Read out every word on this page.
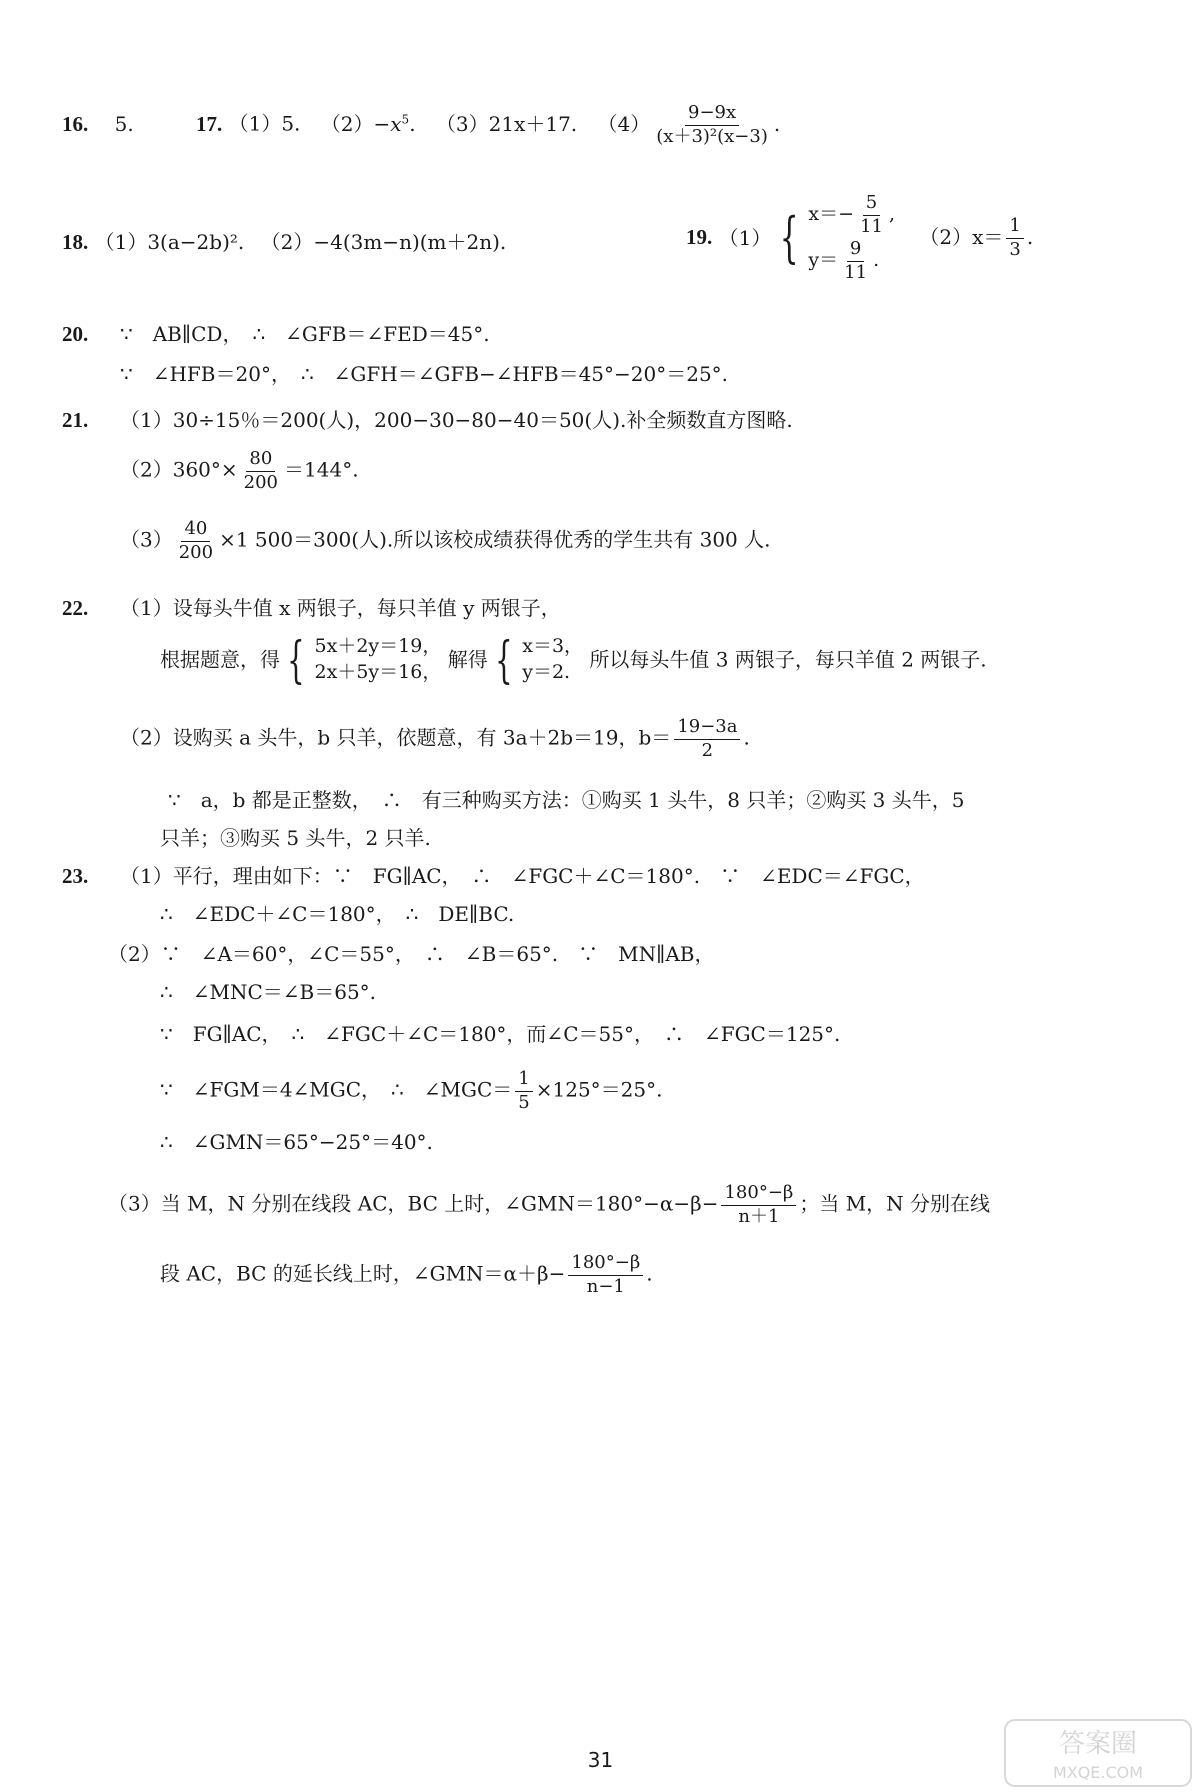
16. 5.	17. （1）5. $(2)-x^5$. （3）21x＋17. $(4) \frac{9-9x}{\text{(x＋3)²(x−3)}}$ .
18. （1）3(a−2b)². （2）−4(3m−n)(m＋2n).	19. （1） { $x=- \frac{5}{11}$ ,
$y= \frac{9}{11}$ .
$(2)x= \frac{1}{3}$ .
20. ∵　AB∥CD，　∴　∠GFB＝∠FED＝45°.
∵　∠HFB＝20°，　∴　∠GFH＝∠GFB−∠HFB＝45°−20°＝25°.
21. （1）30÷15％＝200(人)，200−30−80−40＝50(人).补全频数直方图略.
$(2)360^\circ\times \frac{80}{200} =144^\circ$.
$(3) \frac{40}{200} \times 1$ 500＝300(人).所以该校成绩获得优秀的学生共有 300 人.
22. （1）设每头牛值 x 两银子，每只羊值 y 两银子，
根据题意，得 { 5x＋2y＝19，
2x＋5y＝16， 解得 { x＝3，
y＝2. 所以每头牛值 3 两银子，每只羊值 2 两银子.
（2）设购买 a 头牛，b 只羊，依题意，有 3a＋2b＝19，$b= \frac{19-3a}{2}$ .
∵　a，b 都是正整数，　∴　有三种购买方法：①购买 1 头牛，8 只羊；②购买 3 头牛，5
只羊；③购买 5 头牛，2 只羊.
23. （1）平行，理由如下：∵　FG∥AC，　∴　∠FGC＋∠C＝180°.　∵　∠EDC＝∠FGC，
∴　∠EDC＋∠C＝180°，　∴　DE∥BC.
（2）∵　∠A＝60°，∠C＝55°，　∴　∠B＝65°.　∵　MN∥AB，
∴　∠MNC＝∠B＝65°.
∵　FG∥AC，　∴　∠FGC＋∠C＝180°，而∠C＝55°，　∴　∠FGC＝125°.
∵　∠FGM＝4∠MGC，　∴　∠MGC＝ $\frac{1}{5} \times 125^\circ=25^\circ$.
∴　∠GMN＝65°−25°＝40°.
（3）当 M，N 分别在线段 AC，BC 上时，∠GMN＝180°−α−β− $\frac{180^\circ-\beta}{n+1}$ ；当 M，N 分别在线
段 AC，BC 的延长线上时，∠GMN＝α＋β− $\frac{180^\circ-\beta}{n-1}$ .
31
答案圈
MXQE.COM
